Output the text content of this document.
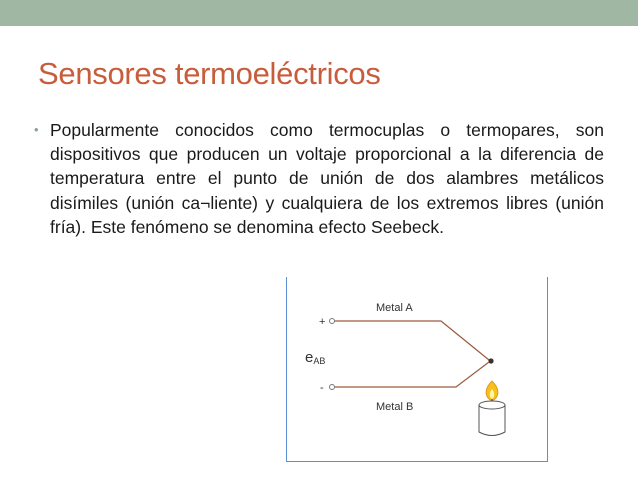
Sensores termoeléctricos
• Popularmente conocidos como termocuplas o termopares, son dispositivos que producen un voltaje proporcional a la diferencia de temperatura entre el punto de unión de dos alambres metálicos disímiles (unión ca¬liente) y cualquiera de los extremos libres (unión fría). Este fenómeno se denomina efecto Seebeck.
Metal A
+
eAB
-
Metal B
